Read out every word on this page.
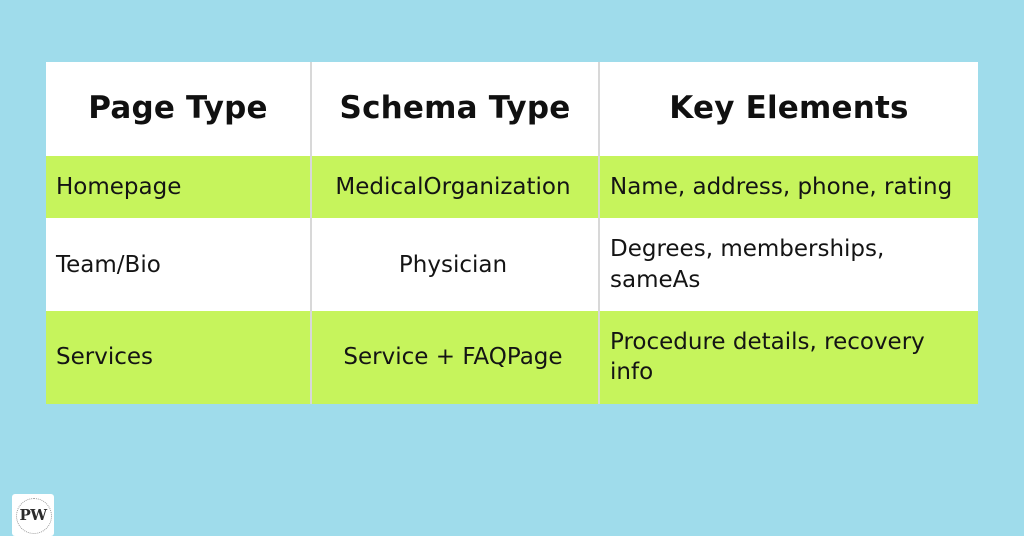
Page Type	Schema Type	Key Elements
Homepage	MedicalOrganization	Name, address, phone, rating
Team/Bio	Physician	Degrees, memberships, sameAs
Services	Service + FAQPage	Procedure details, recovery info
PW
